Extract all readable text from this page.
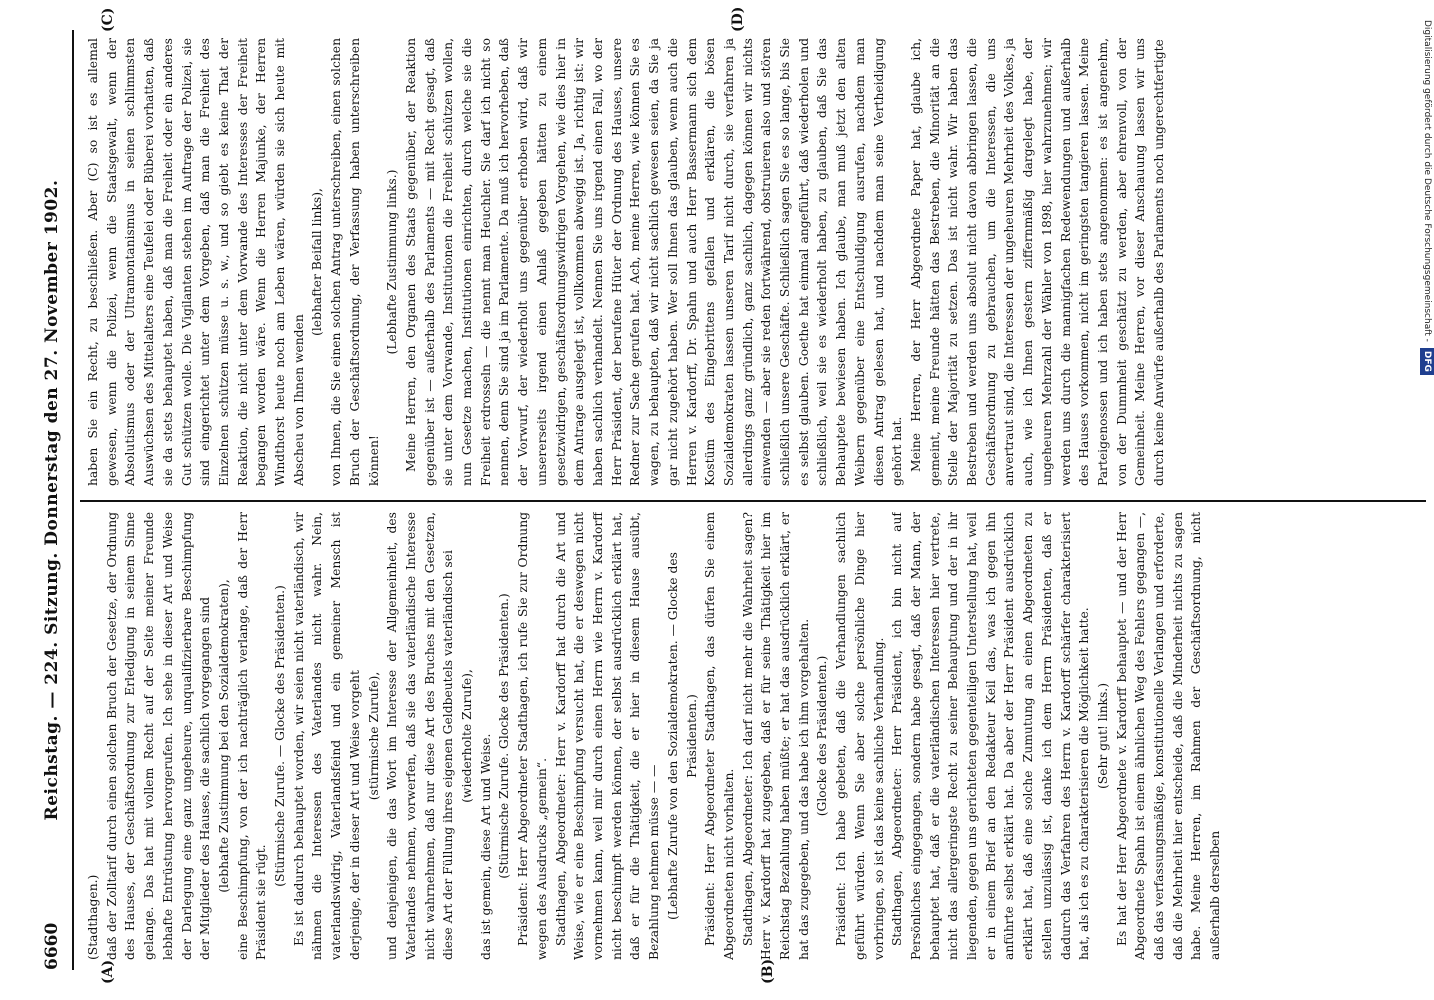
6660
Reichstag. — 224. Sitzung. Donnerstag den 27. November 1902.
(A)	(B)
(C)	(D)

(Stadthagen.) daß der Zolltarif durch einen solchen Bruch der Gesetze, der Ordnung des Hauses, der Geschäftsordnung zur Erledigung in seinem Sinne gelange. Das hat mit vollem Recht auf der Seite meiner Freunde lebhafte Entrüstung hervorgerufen. Ich sehe in dieser Art und Weise der Darlegung eine ganz ungeheure, unqualifizierbare Beschimpfung der Mitglieder des Hauses, die sachlich vorgegangen sind (lebhafte Zustimmung bei den Sozialdemokraten), eine Beschimpfung, von der ich nachträglich verlange, daß der Herr Präsident sie rügt.

(Stürmische Zurufe. — Glocke des Präsidenten.) Es ist dadurch behauptet worden, wir seien nicht vaterländisch, wir nähmen die Interessen des Vaterlandes nicht wahr. Nein, vaterlandswidrig, Vaterlandsfeind und ein gemeiner Mensch ist derjenige, der in dieser Art und Weise vorgeht (stürmische Zurufe), und denjenigen, die das Wort im Interesse der Allgemeinheit, des Vaterlandes nehmen, vorwerfen, daß sie das vaterländische Interesse nicht wahrnehmen, daß nur diese Art des Bruches mit den Gesetzen, diese Art der Füllung ihres eigenen Geldbeutels vaterländisch sei (wiederholte Zurufe), das ist gemein, diese Art und Weise. (Stürmische Zurufe. Glocke des Präsidenten.) Präsident: Herr Abgeordneter Stadthagen, ich rufe Sie zur Ordnung wegen des Ausdrucks „gemein“. Stadthagen, Abgeordneter: Herr v. Kardorff hat durch die Art und Weise, wie er eine Beschimpfung versucht hat, die er deswegen nicht vornehmen kann, weil mir durch einen Herrn wie Herrn v. Kardorff nicht beschimpft werden können, der selbst ausdrücklich erklärt hat, daß er für die Thätigkeit, die er hier in diesem Hause ausübt, Bezahlung nehmen müsse — — (Lebhafte Zurufe von den Sozialdemokraten. — Glocke des Präsidenten.) Präsident: Herr Abgeordneter Stadthagen, das dürfen Sie einem Abgeordneten nicht vorhalten. Stadthagen, Abgeordneter: Ich darf nicht mehr die Wahrheit sagen? Herr v. Kardorff hat zugegeben, daß er für seine Thätigkeit hier im Reichstag Bezahlung haben müßte; er hat das ausdrücklich erklärt, er hat das zugegeben, und das habe ich ihm vorgehalten. (Glocke des Präsidenten.) Präsident: Ich habe gebeten, daß die Verhandlungen sachlich geführt würden. Wenn Sie aber solche persönliche Dinge hier vorbringen, so ist das keine sachliche Verhandlung. Stadthagen, Abgeordneter: Herr Präsident, ich bin nicht auf Persönliches eingegangen, sondern habe gesagt, daß der Mann, der behauptet hat, daß er die vaterländischen Interessen hier vertrete, nicht das allergeringste Recht zu seiner Behauptung und der in ihr liegenden, gegen uns gerichteten gegenteiligen Unterstellung hat, weil er in einem Brief an den Redakteur Keil das, was ich gegen ihn anführte selbst erklärt hat. Da aber der Herr Präsident ausdrücklich erklärt hat, daß eine solche Zumutung an einen Abgeordneten zu stellen unzulässig ist, danke ich dem Herrn Präsidenten, daß er dadurch das Verfahren des Herrn v. Kardorff schärfer charakterisiert hat, als ich es zu charakterisieren die Möglichkeit hatte. (Sehr gut! links.) Es hat der Herr Abgeordnete v. Kardorff behauptet — und der Herr Abgeordnete Spahn ist einem ähnlichen Weg des Fehlers gegangen —, daß das verfassungsmäßige, konstitutionelle Verlangen und erforderte, daß die Mehrheit hier entscheide, daß die Minderheit nichts zu sagen habe. Meine Herren, im Rahmen der Geschäftsordnung, nicht außerhalb derselben

haben Sie ein Recht, zu beschließen. Aber (C) so ist es allemal gewesen, wenn die Polizei, wenn die Staatsgewalt, wenn der Absolutismus oder der Ultramontanismus in seinen schlimmsten Auswüchsen des Mittelalters eine Teufelei oder Büberei vorhatten, daß sie da stets behauptet haben, daß man die Freiheit oder ein anderes Gut schützen wolle. Die Vigilanten stehen im Auftrage der Polizei, sie sind eingerichtet unter dem Vorgeben, daß man die Freiheit des Einzelnen schützen müsse u. s. w., und so giebt es keine That der Reaktion, die nicht unter dem Vorwande des Interesses der Freiheit begangen worden wäre. Wenn die Herren Majunke, der Herren Windthorst heute noch am Leben wären, würden sie sich heute mit Abscheu von Ihnen wenden

(lebhafter Beifall links), von Ihnen, die Sie einen solchen Antrag unterschreiben, einen solchen Bruch der Geschäftsordnung, der Verfassung haben unterschreiben können!

(Lebhafte Zustimmung links.) Meine Herren, den Organen des Staats gegenüber, der Reaktion gegenüber ist — außerhalb des Parlaments — mit Recht gesagt, daß sie unter dem Vorwande, Institutionen die Freiheit schützen wollen, nun Gesetze machen, Institutionen einrichten, durch welche sie die Freiheit erdrosseln — die nennt man Heuchler. Sie darf ich nicht so nennen, denn Sie sind ja im Parlamente. Da muß ich hervorheben, daß der Vorwurf, der wiederholt uns gegenüber erhoben wird, daß wir unsererseits irgend einen Anlaß gegeben hätten zu einem gesetzwidrigen, geschäftsordnungswidrigen Vorgehen, wie dies hier in dem Antrage ausgelegt ist, vollkommen abwegig ist. Ja, richtig ist: wir haben sachlich verhandelt. Nennen Sie uns irgend einen Fall, wo der Herr Präsident, der berufene Hüter der Ordnung des Hauses, unsere Redner zur Sache gerufen hat. Ach, meine Herren, wie können Sie es wagen, zu behaupten, daß wir nicht sachlich gewesen seien, da Sie ja gar nicht zugehört haben. Wer soll Ihnen das glauben, wenn auch die Herren v. Kardorff, Dr. Spahn und auch Herr Bassermann sich dem Kostüm des Eingebrittens gefallen und erklären, die bösen Sozialdemokraten lassen unseren Tarif nicht durch, sie verfahren ja allerdings ganz gründlich, ganz sachlich, dagegen können wir nichts einwenden — aber sie reden fortwährend, obstruieren also und stören schließlich unsere Geschäfte. Schließlich sagen Sie es so lange, bis Sie es selbst glauben. Goethe hat einmal angeführt, daß wiederholen und schließlich, weil sie es wiederholt haben, zu glauben, daß Sie das Behauptete bewiesen haben. Ich glaube, man muß jetzt den alten Weibern gegenüber eine Entschuldigung ausrufen, nachdem man diesen Antrag gelesen hat, und nachdem man seine Vertheidigung gehört hat. Meine Herren, der Herr Abgeordnete Paper hat, glaube ich, gemeint, meine Freunde hätten das Bestreben, die Minorität an die Stelle der Majorität zu setzen. Das ist nicht wahr. Wir haben das Bestreben und werden uns absolut nicht davon abbringen lassen, die Geschäftsordnung zu gebrauchen, um die Interessen, die uns anvertraut sind, die Interessen der ungeheuren Mehrheit des Volkes, ja auch, wie ich Ihnen gestern ziffernmäßig dargelegt habe, der ungeheuren Mehrzahl der Wähler von 1898, hier wahrzunehmen; wir werden uns durch die mannigfachen Redewendungen und außerhalb des Hauses vorkommen, nicht im geringsten tangieren lassen. Meine Parteigenossen und ich haben stets angenommen: es ist angenehm, von der Dummheit geschätzt zu werden, aber ehrenvoll, von der Gemeinheit. Meine Herren, vor dieser Anschauung lassen wir uns durch keine Anwürfe außerhalb des Parlaments noch ungerechtfertigte	Digitalisierung gefördert durch die Deutsche Forschungsgemeinschaft -DFG
